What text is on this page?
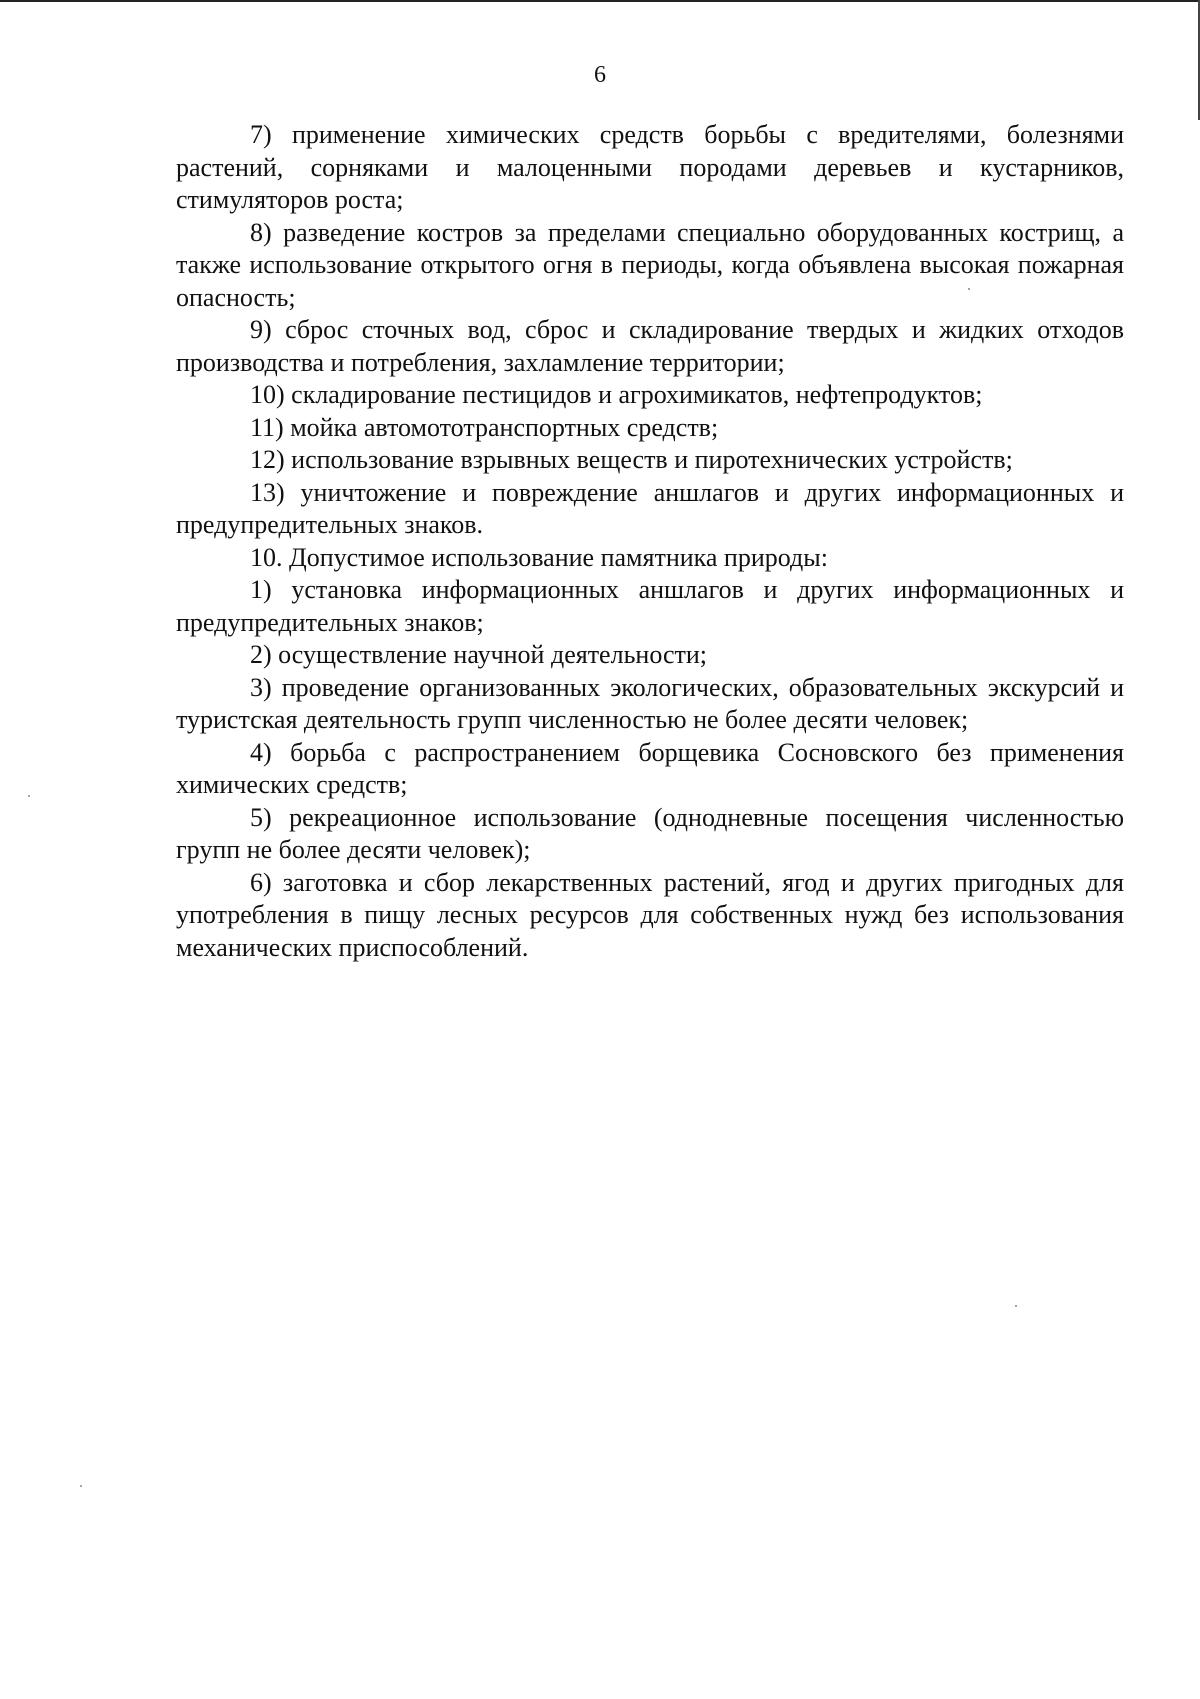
6

7) применение химических средств борьбы с вредителями, болезнями растений, сорняками и малоценными породами деревьев и кустарников, стимуляторов роста;

8) разведение костров за пределами специально оборудованных кострищ, а также использование открытого огня в периоды, когда объявлена высокая пожарная опасность;

9) сброс сточных вод, сброс и складирование твердых и жидких отходов производства и потребления, захламление территории;

10) складирование пестицидов и агрохимикатов, нефтепродуктов;

11) мойка автомототранспортных средств;

12) использование взрывных веществ и пиротехнических устройств;

13) уничтожение и повреждение аншлагов и других информационных и предупредительных знаков.

10. Допустимое использование памятника природы:

1) установка информационных аншлагов и других информационных и предупредительных знаков;

2) осуществление научной деятельности;

3) проведение организованных экологических, образовательных экскурсий и туристская деятельность групп численностью не более десяти человек;

4) борьба с распространением борщевика Сосновского без применения химических средств;

5) рекреационное использование (однодневные посещения численностью групп не более десяти человек);

6) заготовка и сбор лекарственных растений, ягод и других пригодных для употребления в пищу лесных ресурсов для собственных нужд без использования механических приспособлений.
